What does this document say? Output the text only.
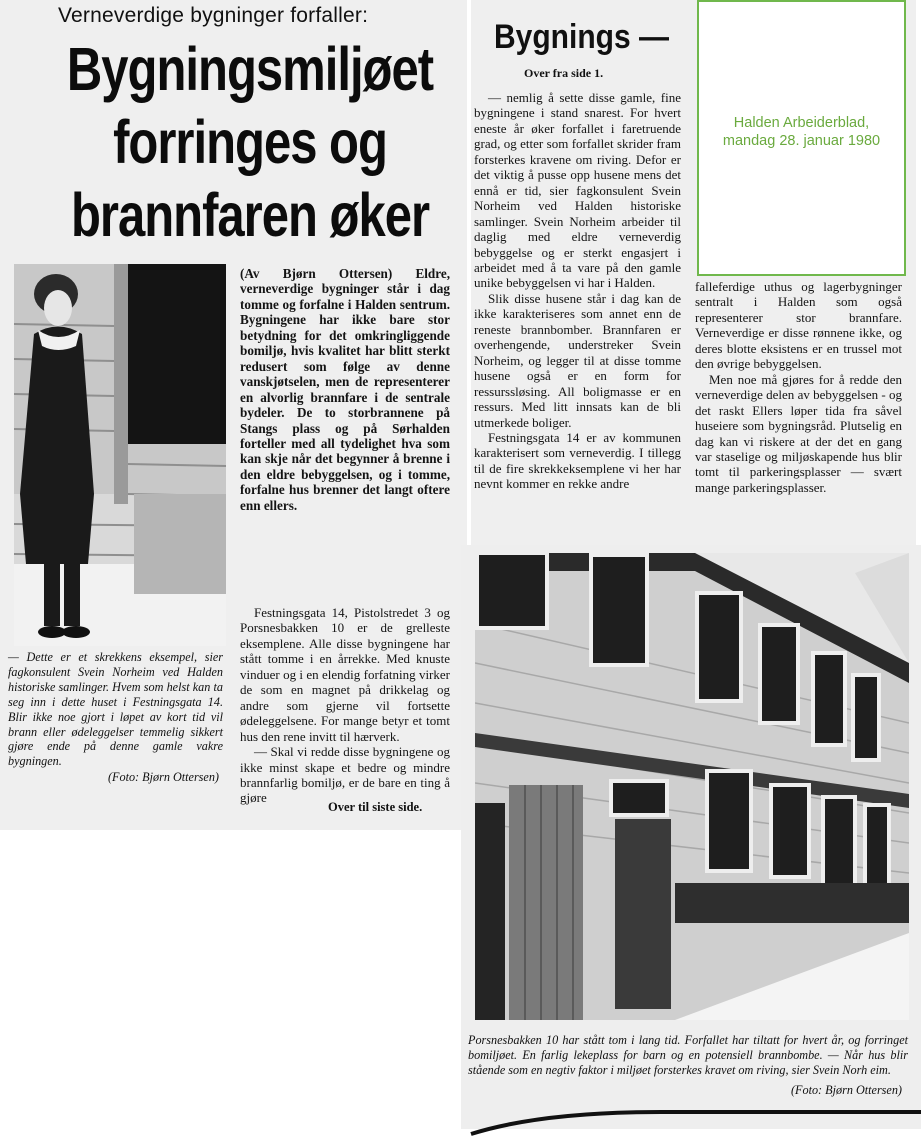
Verneverdige bygninger forfaller:
Bygningsmiljøet
forringes og
brannfaren øker

(Av Bjørn Ottersen) Eldre, verneverdige bygninger står i dag tomme og forfalne i Halden sentrum. Bygningene har ikke bare stor betydning for det omkringliggende bomiljø, hvis kvalitet har blitt sterkt redusert som følge av denne vanskjøtselen, men de representerer en alvorlig brannfare i de sentrale bydeler. De to storbrannene på Stangs plass og på Sørhalden forteller med all tydelighet hva som kan skje når det begynner å brenne i den eldre bebyggelsen, og i tomme, forfalne hus brenner det langt oftere enn ellers.

Festningsgata 14, Pistolstredet 3 og Porsnesbakken 10 er de grelleste eksemplene. Alle disse bygningene har stått tomme i en årrekke. Med knuste vinduer og i en elendig forfatning virker de som en magnet på drikkelag og andre som gjerne vil fortsette ødeleggelsene. For mange betyr et tomt hus den rene invitt til hærverk.

— Skal vi redde disse bygningene og ikke minst skape et bedre og mindre brannfarlig bomiljø, er de bare en ting å gjøre

— Dette er et skrekkens eksempel, sier fagkonsulent Svein Norheim ved Halden historiske samlinger. Hvem som helst kan ta seg inn i dette huset i Festningsgata 14. Blir ikke noe gjort i løpet av kort tid vil brann eller ødeleggelser temmelig sikkert gjøre ende på denne gamle vakre bygningen.
(Foto: Bjørn Ottersen)
Over til siste side.
Bygnings —
Over fra side 1.

— nemlig å sette disse gamle, fine bygningene i stand snarest. For hvert eneste år øker forfallet i faretruende grad, og etter som forfallet skrider fram forsterkes kravene om riving. Defor er det viktig å pusse opp husene mens det ennå er tid, sier fagkonsulent Svein Norheim ved Halden historiske samlinger. Svein Norheim arbeider til daglig med eldre verneverdig bebyggelse og er sterkt engasjert i arbeidet med å ta vare på den gamle unike bebyggelsen vi har i Halden.

Slik disse husene står i dag kan de ikke karakteriseres som annet enn de reneste brannbomber. Brannfaren er overhengende, understreker Svein Norheim, og legger til at disse tomme husene også er en form for ressurssløsing. All boligmasse er en ressurs. Med litt innsats kan de bli utmerkede boliger.

Festningsgata 14 er av kommunen karakterisert som verneverdig. I tillegg til de fire skrekkeksemplene vi her har nevnt kommer en rekke andre

falleferdige uthus og lagerbygninger sentralt i Halden som også representerer stor brannfare. Verneverdige er disse rønnene ikke, og deres blotte eksistens er en trussel mot den øvrige bebyggelsen.

Men noe må gjøres for å redde den verneverdige delen av bebyggelsen - og det raskt Ellers løper tida fra såvel huseiere som bygningsråd. Plutselig en dag kan vi riskere at der det en gang var staselige og miljøskapende hus blir tomt til parkeringsplasser — svært mange parkeringsplasser.

Halden Arbeiderblad,
mandag 28. januar 1980
Porsnesbakken 10 har stått tom i lang tid. Forfallet har tiltatt for hvert år, og forringet bomiljøet. En farlig lekeplass for barn og en potensiell brannbombe. — Når hus blir stående som en negtiv faktor i miljøet forsterkes kravet om riving, sier Svein Norh eim.
(Foto: Bjørn Ottersen)
